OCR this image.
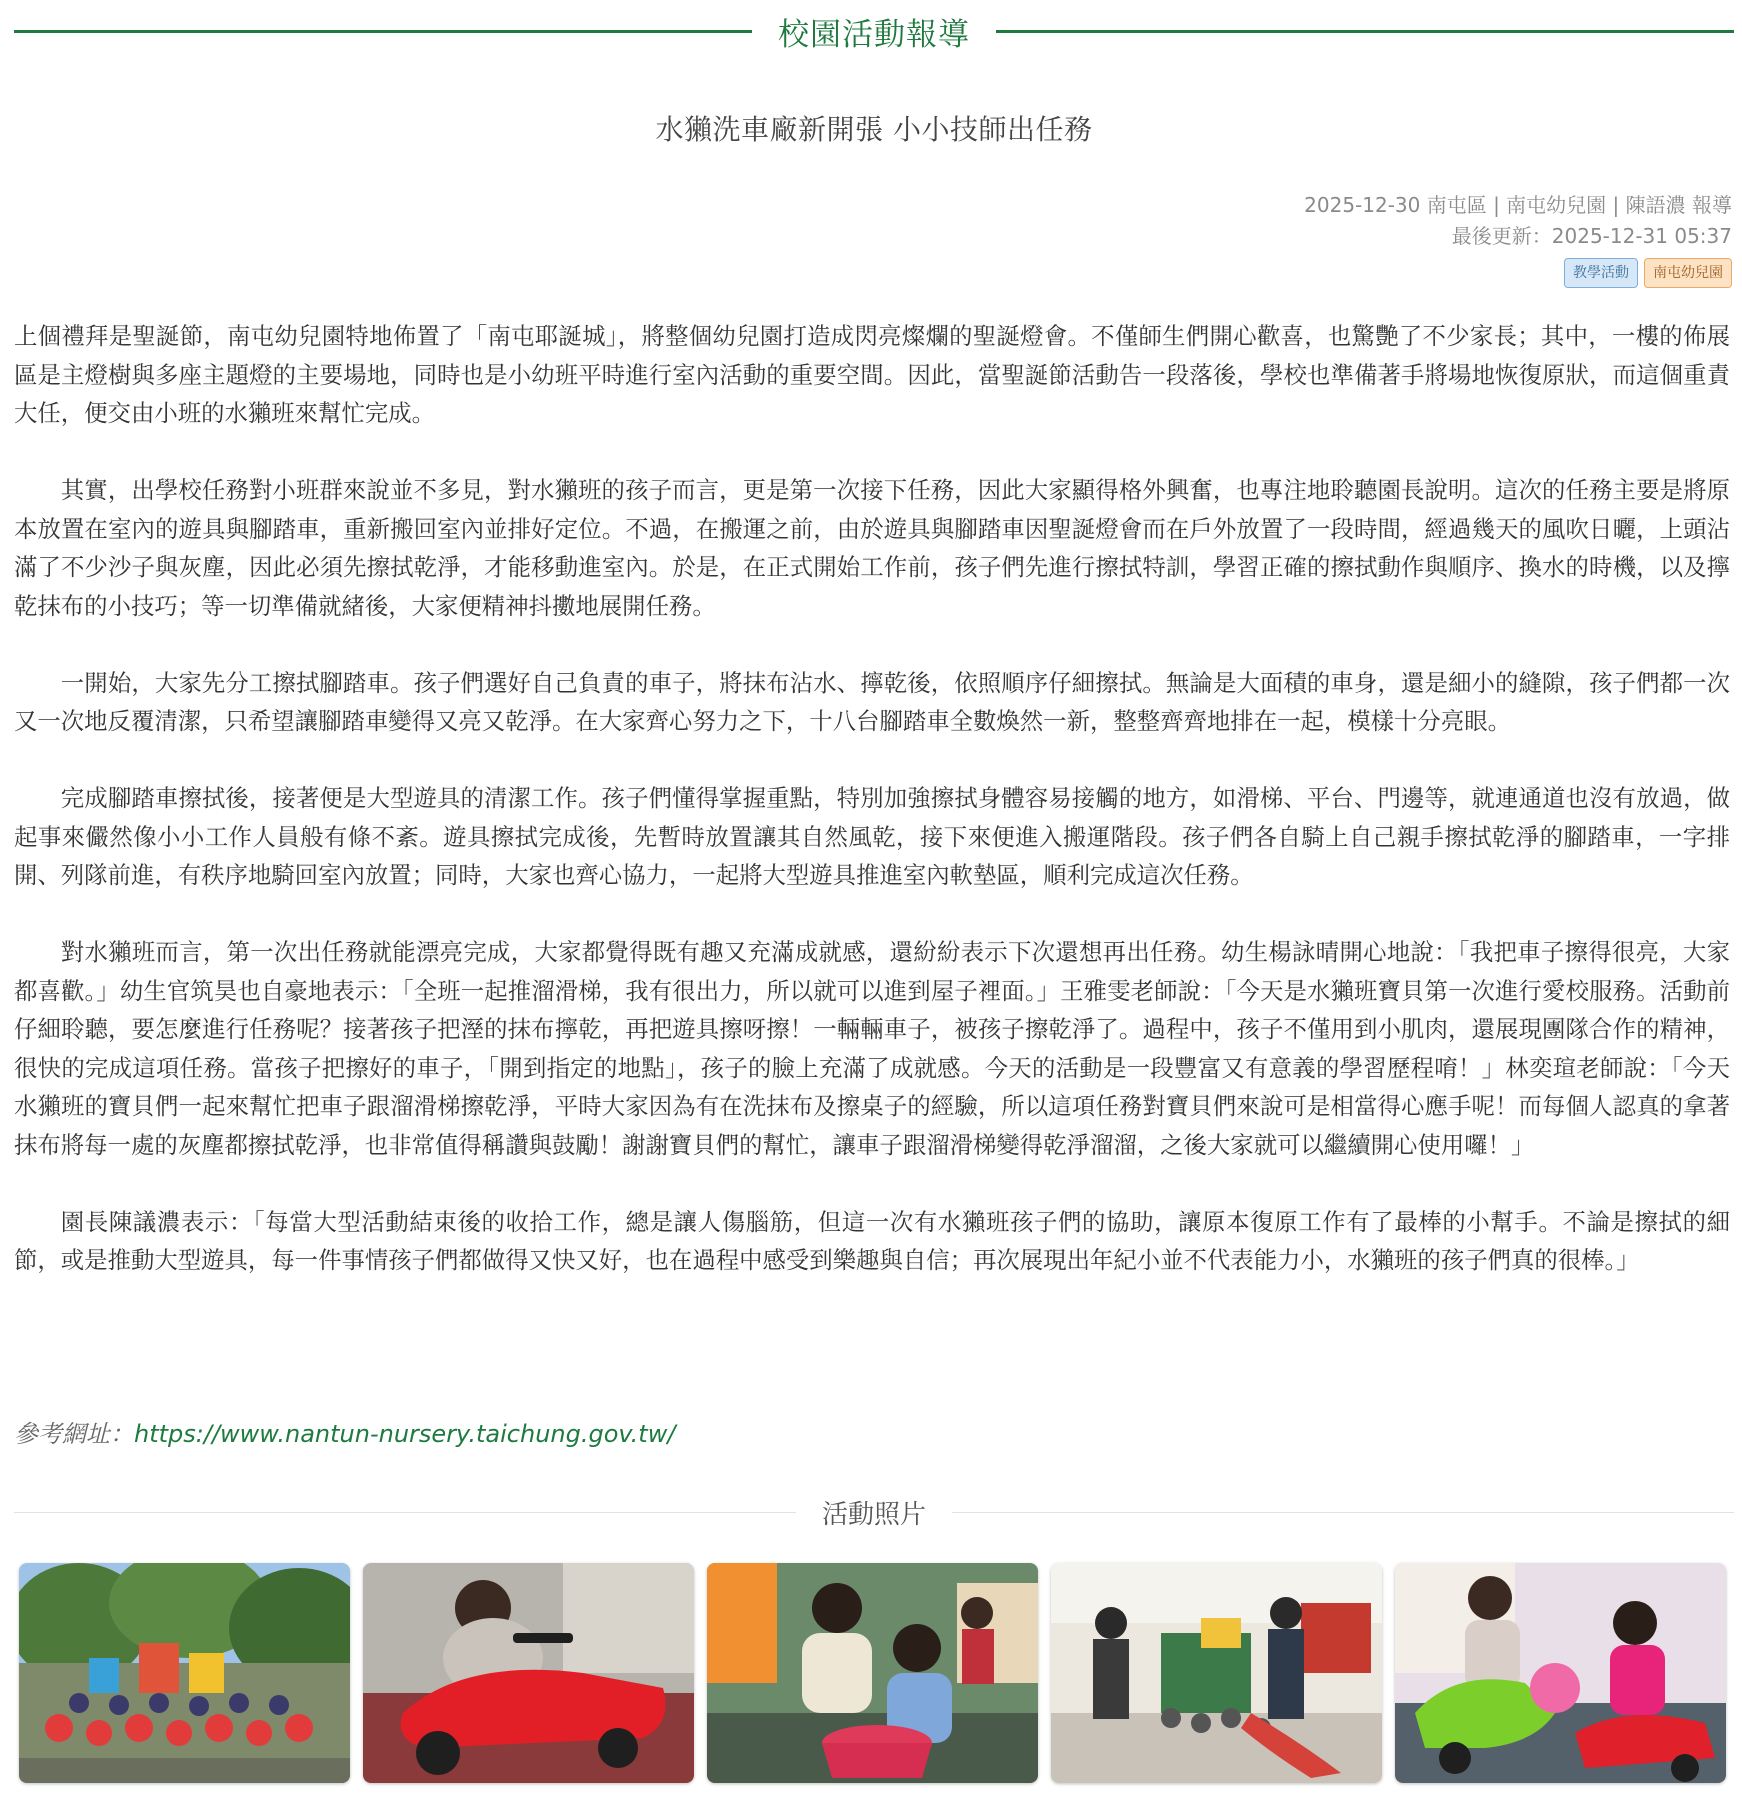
校園活動報導
水獺洗車廠新開張 小小技師出任務
2025-12-30 南屯區 | 南屯幼兒園 | 陳語濃 報導
最後更新：2025-12-31 05:37
教學活動	南屯幼兒園

上個禮拜是聖誕節，南屯幼兒園特地佈置了「南屯耶誕城」，將整個幼兒園打造成閃亮燦爛的聖誕燈會。不僅師生們開心歡喜，也驚艷了不少家長；其中，一樓的佈展區是主燈樹與多座主題燈的主要場地，同時也是小幼班平時進行室內活動的重要空間。因此，當聖誕節活動告一段落後，學校也準備著手將場地恢復原狀，而這個重責大任，便交由小班的水獺班來幫忙完成。

其實，出學校任務對小班群來說並不多見，對水獺班的孩子而言，更是第一次接下任務，因此大家顯得格外興奮，也專注地聆聽園長說明。這次的任務主要是將原本放置在室內的遊具與腳踏車，重新搬回室內並排好定位。不過，在搬運之前，由於遊具與腳踏車因聖誕燈會而在戶外放置了一段時間，經過幾天的風吹日曬，上頭沾滿了不少沙子與灰塵，因此必須先擦拭乾淨，才能移動進室內。於是，在正式開始工作前，孩子們先進行擦拭特訓，學習正確的擦拭動作與順序、換水的時機，以及擰乾抹布的小技巧；等一切準備就緒後，大家便精神抖擻地展開任務。

一開始，大家先分工擦拭腳踏車。孩子們選好自己負責的車子，將抹布沾水、擰乾後，依照順序仔細擦拭。無論是大面積的車身，還是細小的縫隙，孩子們都一次又一次地反覆清潔，只希望讓腳踏車變得又亮又乾淨。在大家齊心努力之下，十八台腳踏車全數煥然一新，整整齊齊地排在一起，模樣十分亮眼。

完成腳踏車擦拭後，接著便是大型遊具的清潔工作。孩子們懂得掌握重點，特別加強擦拭身體容易接觸的地方，如滑梯、平台、門邊等，就連通道也沒有放過，做起事來儼然像小小工作人員般有條不紊。遊具擦拭完成後，先暫時放置讓其自然風乾，接下來便進入搬運階段。孩子們各自騎上自己親手擦拭乾淨的腳踏車，一字排開、列隊前進，有秩序地騎回室內放置；同時，大家也齊心協力，一起將大型遊具推進室內軟墊區，順利完成這次任務。

對水獺班而言，第一次出任務就能漂亮完成，大家都覺得既有趣又充滿成就感，還紛紛表示下次還想再出任務。幼生楊詠晴開心地說：「我把車子擦得很亮，大家都喜歡。」幼生官筑昊也自豪地表示：「全班一起推溜滑梯，我有很出力，所以就可以進到屋子裡面。」王雅雯老師說：「今天是水獺班寶貝第一次進行愛校服務。活動前仔細聆聽，要怎麼進行任務呢？接著孩子把溼的抹布擰乾，再把遊具擦呀擦！一輛輛車子，被孩子擦乾淨了。過程中，孩子不僅用到小肌肉，還展現團隊合作的精神，很快的完成這項任務。當孩子把擦好的車子，「開到指定的地點」，孩子的臉上充滿了成就感。今天的活動是一段豐富又有意義的學習歷程唷！」林奕瑄老師說：「今天水獺班的寶貝們一起來幫忙把車子跟溜滑梯擦乾淨，平時大家因為有在洗抹布及擦桌子的經驗，所以這項任務對寶貝們來說可是相當得心應手呢！而每個人認真的拿著抹布將每一處的灰塵都擦拭乾淨，也非常值得稱讚與鼓勵！謝謝寶貝們的幫忙，讓車子跟溜滑梯變得乾淨溜溜，之後大家就可以繼續開心使用囉！」

園長陳議濃表示：「每當大型活動結束後的收拾工作，總是讓人傷腦筋，但這一次有水獺班孩子們的協助，讓原本復原工作有了最棒的小幫手。不論是擦拭的細節，或是推動大型遊具，每一件事情孩子們都做得又快又好，也在過程中感受到樂趣與自信；再次展現出年紀小並不代表能力小，水獺班的孩子們真的很棒。」

參考網址：https://www.nantun-nursery.taichung.gov.tw/
活動照片
